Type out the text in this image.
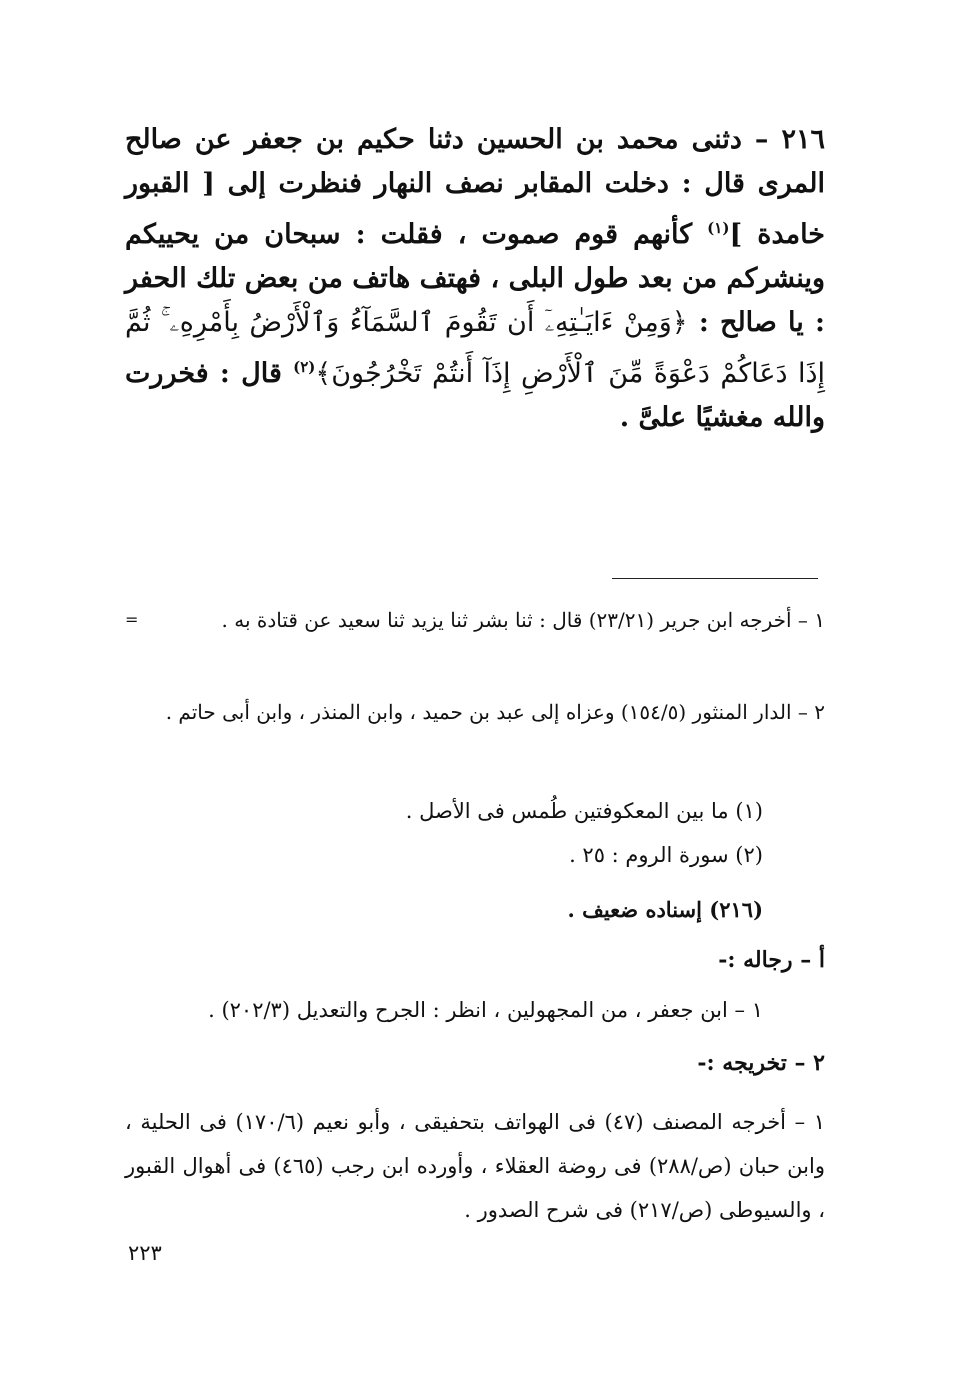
٢١٦ – دثنى محمد بن الحسين دثنا حكيم بن جعفر عن صالح المرى قال : دخلت المقابر نصف النهار فنظرت إلى [ القبور خامدة ]$^{(١)}$ كأنهم قوم صموت ، فقلت : سبحان من يحييكم وينشركم من بعد طول البلى ، فهتف هاتف من بعض تلك الحفر : يا صالح : ﴿وَمِنْ ءَايَـٰتِهِۦٓ أَن تَقُومَ ٱلسَّمَآءُ وَٱلْأَرْضُ بِأَمْرِهِۦ ۚ ثُمَّ إِذَا دَعَاكُمْ دَعْوَةً مِّنَ ٱلْأَرْضِ إِذَآ أَنتُمْ تَخْرُجُونَ﴾$^{(٢)}$ قال : فخررت والله مغشيًا علىَّ .
=	١ – أخرجه ابن جرير (٢٣/٢١) قال : ثنا بشر ثنا يزيد ثنا سعيد عن قتادة به .
٢ – الدار المنثور (١٥٤/٥) وعزاه إلى عبد بن حميد ، وابن المنذر ، وابن أبى حاتم .
(١) ما بين المعكوفتين طُمس فى الأصل .
(٢) سورة الروم : ٢٥ .
(٢١٦) إسناده ضعيف .
أ – رجاله :-
١ – ابن جعفر ، من المجهولين ، انظر : الجرح والتعديل (٢٠٢/٣) .
٢ – تخريجه :-
١ – أخرجه المصنف (٤٧) فى الهواتف بتحفيقى ، وأبو نعيم (١٧٠/٦) فى الحلية ، وابن حبان (ص/٢٨٨) فى روضة العقلاء ، وأورده ابن رجب (٤٦٥) فى أهوال القبور ، والسيوطى (ص/٢١٧) فى شرح الصدور .
٢٢٣
